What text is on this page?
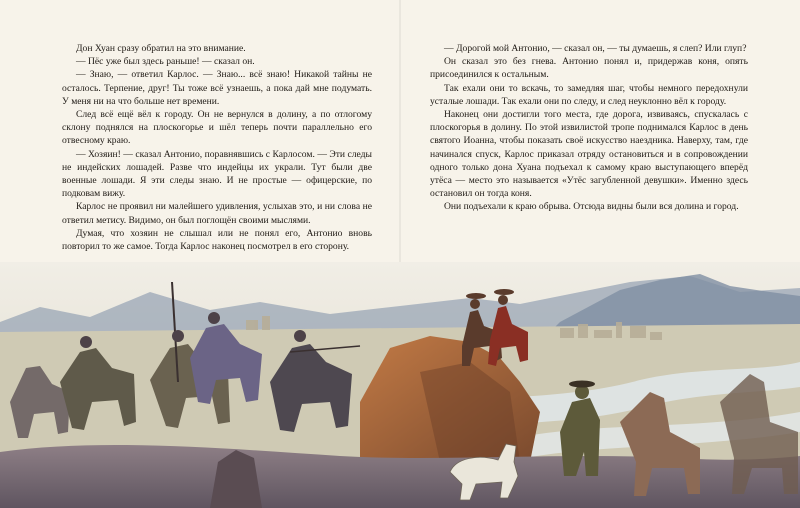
Дон Хуан сразу обратил на это внимание.

— Пёс уже был здесь раньше! — сказал он.

— Знаю, — ответил Карлос. — Знаю... всё знаю! Никакой тайны не осталось. Терпение, друг! Ты тоже всё узнаешь, а пока дай мне подумать. У меня ни на что больше нет времени.

След всё ещё вёл к городу. Он не вернулся в долину, а по отлогому склону поднялся на плоскогорье и шёл теперь почти параллельно его отвесному краю.

— Хозяин! — сказал Антонио, поравнявшись с Карлосом. — Эти следы не индейских лошадей. Разве что индейцы их украли. Тут были две военные лошади. Я эти следы знаю. И не простые — офицерские, по подковам вижу.

Карлос не проявил ни малейшего удивления, услыхав это, и ни слова не ответил метису. Видимо, он был поглощён своими мыслями.

Думая, что хозяин не слышал или не понял его, Антонио вновь повторил то же самое. Тогда Карлос наконец посмотрел в его сторону.

— Дорогой мой Антонио, — сказал он, — ты думаешь, я слеп? Или глуп?

Он сказал это без гнева. Антонио понял и, придержав коня, опять присоединился к остальным.

Так ехали они то вскачь, то замедляя шаг, чтобы немного передохнули усталые лошади. Так ехали они по следу, и след неуклонно вёл к городу.

Наконец они достигли того места, где дорога, извиваясь, спускалась с плоскогорья в долину. По этой извилистой тропе поднимался Карлос в день святого Иоанна, чтобы показать своё искусство наездника. Наверху, там, где начинался спуск, Карлос приказал отряду остановиться и в сопровождении одного только дона Хуана подъехал к самому краю выступающего вперёд утёса — место это называется «Утёс загубленной девушки». Именно здесь остановил он тогда коня.

Они подъехали к краю обрыва. Отсюда видны были вся долина и город.
